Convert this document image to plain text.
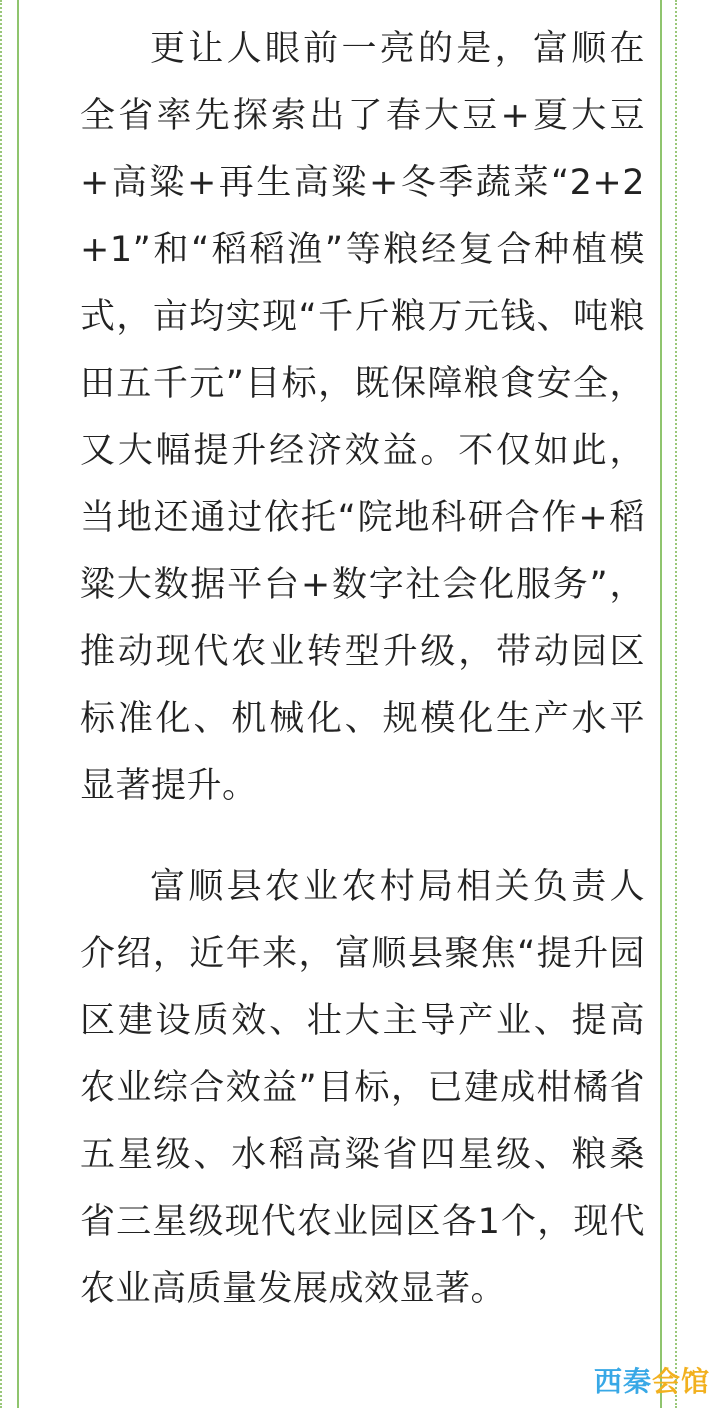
更让人眼前一亮的是，富顺在全省率先探索出了春大豆+夏大豆+高粱+再生高粱+冬季蔬菜“2+2+1”和“稻稻渔”等粮经复合种植模式，亩均实现“千斤粮万元钱、吨粮田五千元”目标，既保障粮食安全，又大幅提升经济效益。不仅如此，当地还通过依托“院地科研合作+稻粱大数据平台+数字社会化服务”，推动现代农业转型升级，带动园区标准化、机械化、规模化生产水平显著提升。

富顺县农业农村局相关负责人介绍，近年来，富顺县聚焦“提升园区建设质效、壮大主导产业、提高农业综合效益”目标，已建成柑橘省五星级、水稻高粱省四星级、粮桑省三星级现代农业园区各1个，现代农业高质量发展成效显著。

西秦会馆
